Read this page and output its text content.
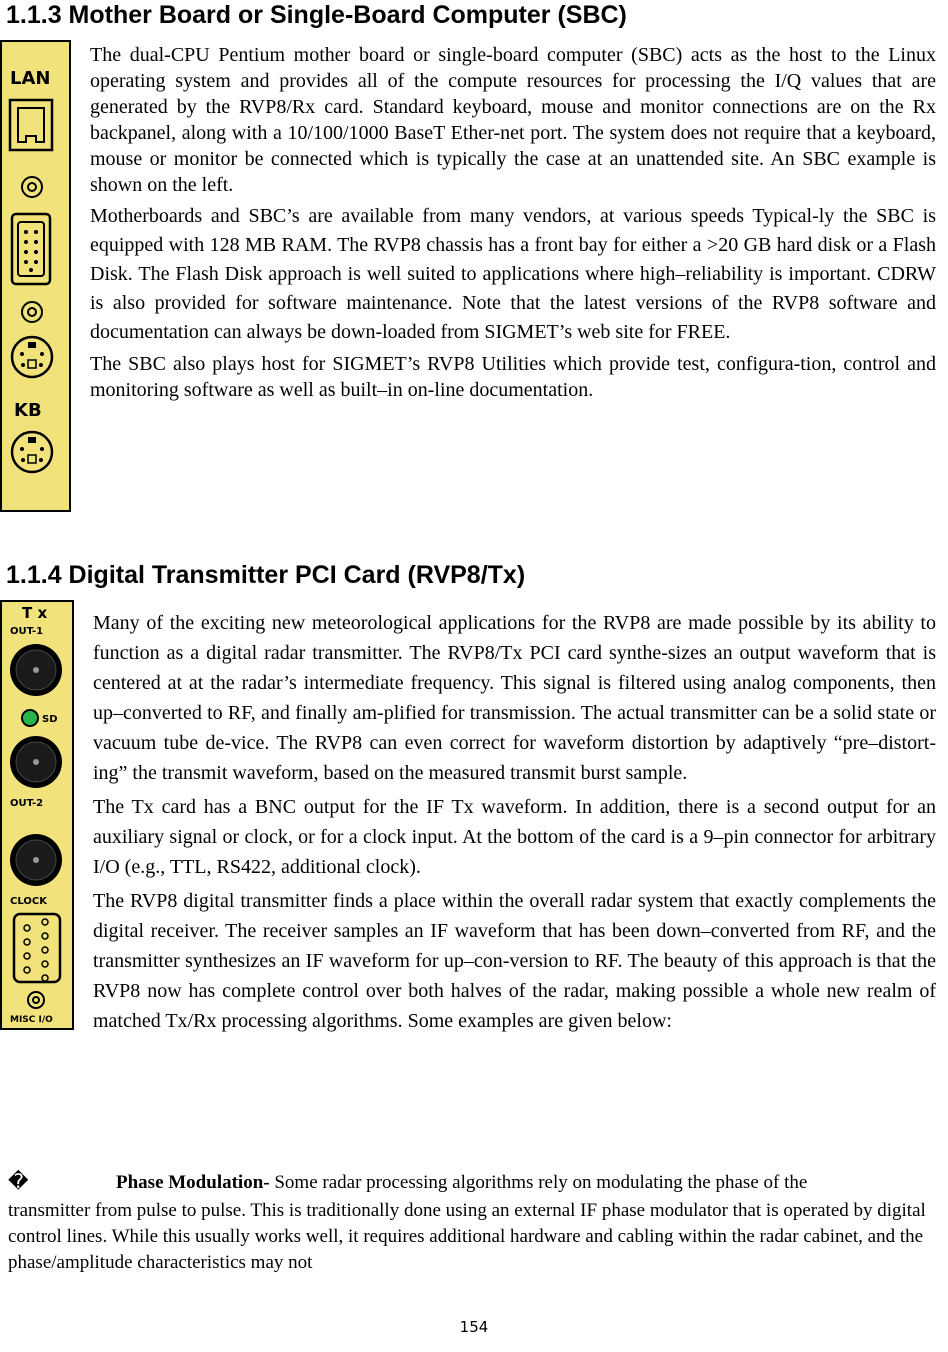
1.1.3 Mother Board or Single-Board Computer (SBC)
LAN
KB

The dual-CPU Pentium mother board or single-board computer (SBC) acts as the host to the Linux operating system and provides all of the compute resources for processing the I/Q values that are generated by the RVP8/Rx card. Standard keyboard, mouse and monitor connections are on the Rx backpanel, along with a 10/100/1000 BaseT Ether-net port. The system does not require that a keyboard, mouse or monitor be connected which is typically the case at an unattended site. An SBC example is shown on the left.

Motherboards and SBC’s are available from many vendors, at various speeds Typical-ly the SBC is equipped with 128 MB RAM. The RVP8 chassis has a front bay for either a >20 GB hard disk or a Flash Disk. The Flash Disk approach is well suited to applications where high–reliability is important. CDRW is also provided for software maintenance. Note that the latest versions of the RVP8 software and documentation can always be down-loaded from SIGMET’s web site for FREE.

The SBC also plays host for SIGMET’s RVP8 Utilities which provide test, configura-tion, control and monitoring software as well as built–in on-line documentation.

1.1.4 Digital Transmitter PCI Card (RVP8/Tx)
T x
OUT-1
SD
OUT-2
CLOCK
MISC I/O

Many of the exciting new meteorological applications for the RVP8 are made possible by its ability to function as a digital radar transmitter. The RVP8/Tx PCI card synthe-sizes an output waveform that is centered at at the radar’s intermediate frequency. This signal is filtered using analog components, then up–converted to RF, and finally am-plified for transmission. The actual transmitter can be a solid state or vacuum tube de-vice. The RVP8 can even correct for waveform distortion by adaptively “pre–distort-ing” the transmit waveform, based on the measured transmit burst sample.

The Tx card has a BNC output for the IF Tx waveform. In addition, there is a second output for an auxiliary signal or clock, or for a clock input. At the bottom of the card is a 9–pin connector for arbitrary I/O (e.g., TTL, RS422, additional clock).

The RVP8 digital transmitter finds a place within the overall radar system that exactly complements the digital receiver. The receiver samples an IF waveform that has been down–converted from RF, and the transmitter synthesizes an IF waveform for up–con-version to RF. The beauty of this approach is that the RVP8 now has complete control over both halves of the radar, making possible a whole new realm of matched Tx/Rx processing algorithms. Some examples are given below:

�	Phase Modulation- Some radar processing algorithms rely on modulating the phase of the
transmitter from pulse to pulse. This is traditionally done using an external IF phase modulator that is operated by digital control lines. While this usually works well, it requires additional hardware and cabling within the radar cabinet, and the phase/amplitude characteristics may not
154
